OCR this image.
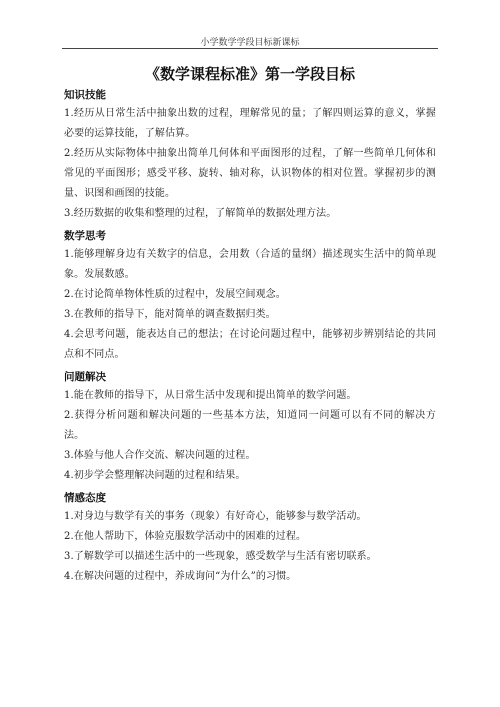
小学数学学段目标新课标
《数学课程标准》第一学段目标

知识技能

1.经历从日常生活中抽象出数的过程，理解常见的量；了解四则运算的意义，掌握必要的运算技能，了解估算。

2.经历从实际物体中抽象出简单几何体和平面图形的过程，了解一些简单几何体和常见的平面图形；感受平移、旋转、轴对称，认识物体的相对位置。掌握初步的测量、识图和画图的技能。

3.经历数据的收集和整理的过程，了解简单的数据处理方法。

数学思考

1.能够理解身边有关数字的信息，会用数（合适的量纲）描述现实生活中的简单现象。发展数感。

2.在讨论简单物体性质的过程中，发展空间观念。

3.在教师的指导下，能对简单的调查数据归类。

4.会思考问题，能表达自己的想法；在讨论问题过程中，能够初步辨别结论的共同点和不同点。

问题解决

1.能在教师的指导下，从日常生活中发现和提出简单的数学问题。

2.获得分析问题和解决问题的一些基本方法，知道同一问题可以有不同的解决方法。

3.体验与他人合作交流、解决问题的过程。

4.初步学会整理解决问题的过程和结果。

情感态度

1.对身边与数学有关的事务（现象）有好奇心，能够参与数学活动。

2.在他人帮助下，体验克服数学活动中的困难的过程。

3.了解数学可以描述生活中的一些现象，感受数学与生活有密切联系。

4.在解决问题的过程中，养成询问“为什么”的习惯。
